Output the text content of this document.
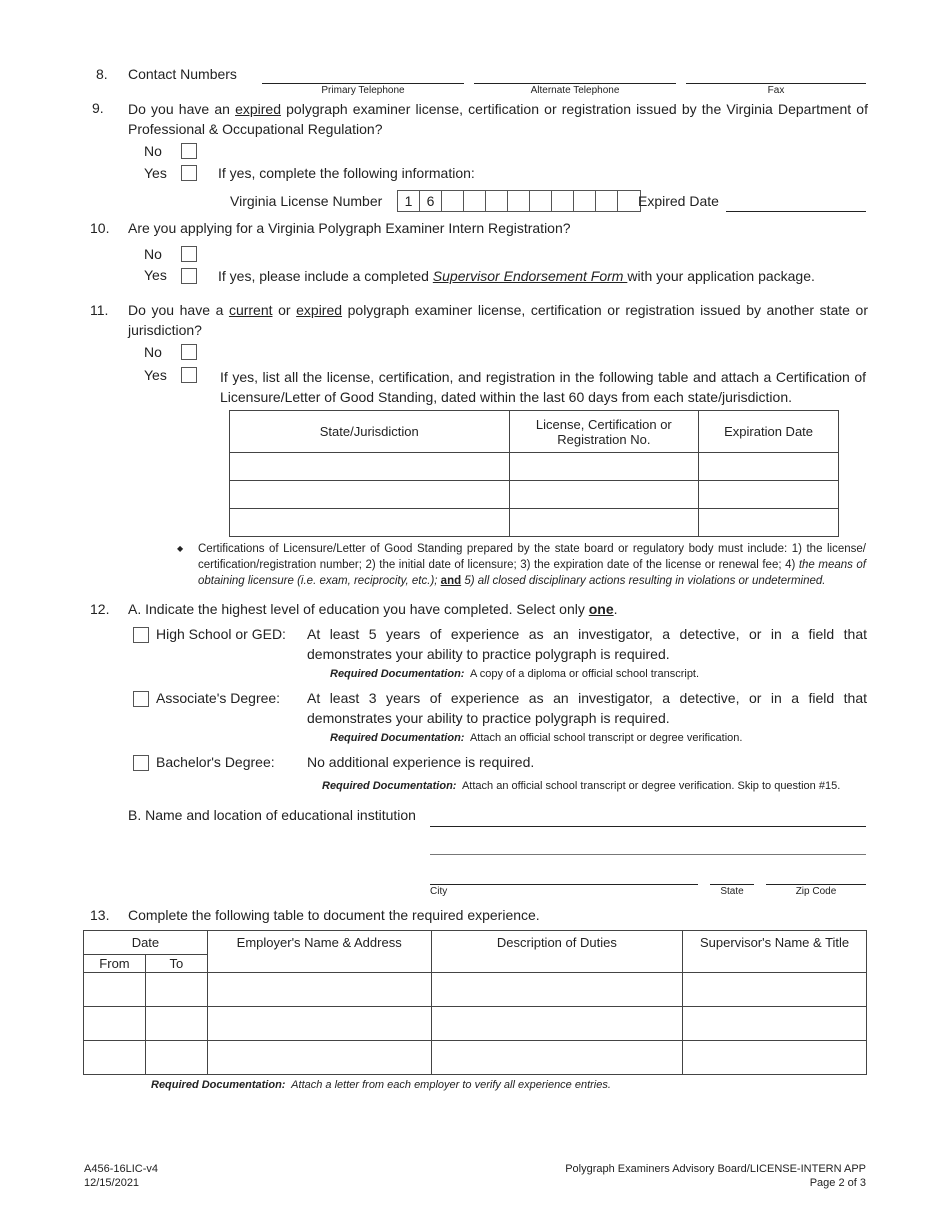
8.	Contact Numbers
Primary Telephone	Alternate Telephone	Fax
9.	Do you have an expired polygraph examiner license, certification or registration issued by the Virginia Department of Professional & Occupational Regulation?
No
Yes	If yes, complete the following information:
Virginia License Number	1	6	Expired Date
10.	Are you applying for a Virginia Polygraph Examiner Intern Registration?
No
Yes	If yes, please include a completed Supervisor Endorsement Form with your application package.
11.	Do you have a current or expired polygraph examiner license, certification or registration issued by another state or jurisdiction?
No
Yes	If yes, list all the license, certification, and registration in the following table and attach a Certification of Licensure/Letter of Good Standing, dated within the last 60 days from each state/jurisdiction.
State/Jurisdiction	License, Certification or Registration No.	Expiration Date

◆ Certifications of Licensure/Letter of Good Standing prepared by the state board or regulatory body must include: 1) the license/ certification/registration number; 2) the initial date of licensure; 3) the expiration date of the license or renewal fee; 4) the means of obtaining licensure (i.e. exam, reciprocity, etc.); and 5) all closed disciplinary actions resulting in violations or undetermined.
12.	A. Indicate the highest level of education you have completed. Select only one.
High School or GED: At least 5 years of experience as an investigator, a detective, or in a field that demonstrates your ability to practice polygraph is required.
Required Documentation: A copy of a diploma or official school transcript.
Associate's Degree: At least 3 years of experience as an investigator, a detective, or in a field that demonstrates your ability to practice polygraph is required.
Required Documentation: Attach an official school transcript or degree verification.
Bachelor's Degree: No additional experience is required.
Required Documentation: Attach an official school transcript or degree verification. Skip to question #15.
B. Name and location of educational institution
City	State	Zip Code
13.	Complete the following table to document the required experience.
Date		Employer's Name & Address	Description of Duties	Supervisor's Name & Title
From	To			

Required Documentation: Attach a letter from each employer to verify all experience entries.
A456-16LIC-v4
12/15/2021
Polygraph Examiners Advisory Board/LICENSE-INTERN APP
Page 2 of 3
